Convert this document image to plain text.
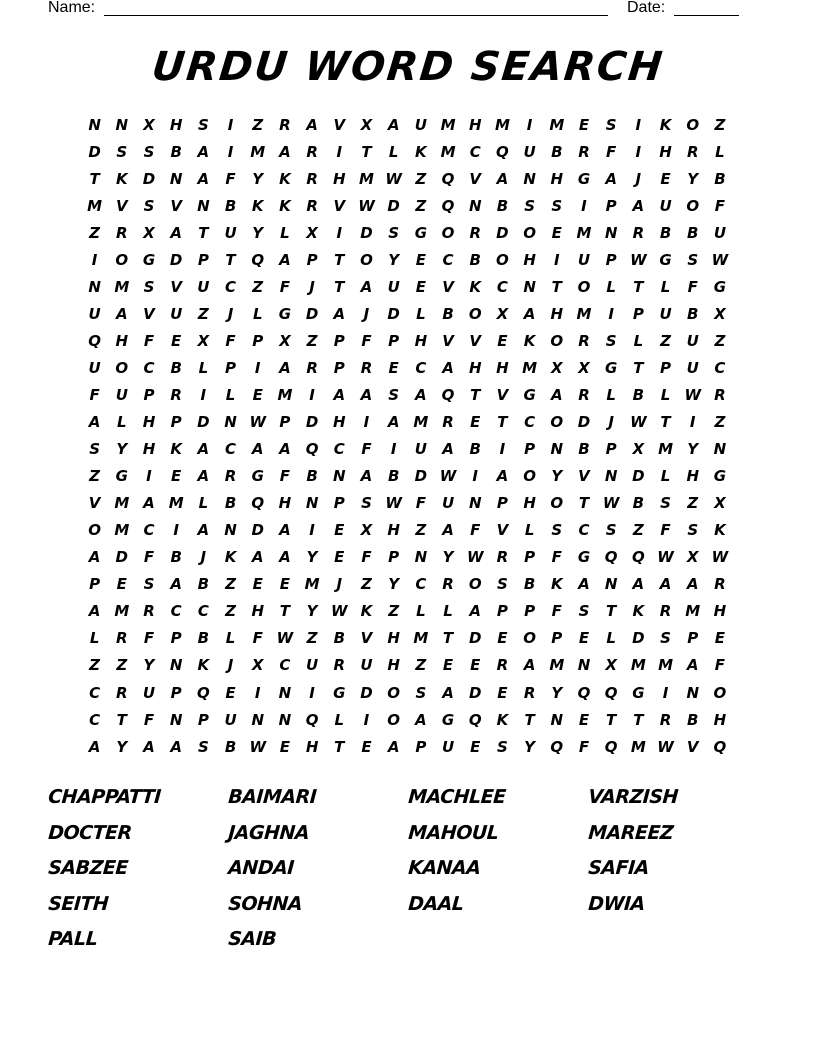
Name:	Date:
URDU WORD SEARCH
N N	X	H	S	I	Z	R	A	V	X	A	U M H M	I	M E	S	I	K O	Z
D	S	S	B	A	I	M A	R	I	T	L	K M C	Q U	B	R	F	I	H	R	L
T	K	D N	A	F	Y	K	R	H M W Z	Q	V	A	N H G	A	J	E	Y	B
M V	S	V	N	B	K	K	R	V W D	Z	Q N	B	S	S	I	P	A	U O	F
Z	R	X	A	T	U	Y	L	X	I	D	S	G O	R	D O	E M N	R	B	B	U
I	O G D	P	T	Q	A	P	T	O	Y	E	C	B	O H	I	U	P W G	S W
N M S	V	U	C	Z	F	J	T	A	U	E	V	K	C	N	T	O	L	T	L	F	G
U	A	V	U	Z	J	L	G D	A	J	D	L	B	O	X	A	H M	I	P	U	B	X
Q H	F	E	X	F	P	X	Z	P	F	P	H	V	V	E	K O	R	S	L	Z	U	Z
U O	C	B	L	P	I	A	R	P	R	E	C	A	H H M X	X	G	T	P	U	C
F	U	P	R	I	L	E M	I	A	A	S	A	Q	T	V	G	A	R	L	B	L W R
A	L	H	P	D N W P	D H	I	A M R	E	T	C	O D	J	W T	I	Z
S	Y	H	K	A	C	A	A	Q	C	F	I	U	A	B	I	P	N	B	P	X M Y	N
Z	G	I	E	A	R	G	F	B	N	A	B	D W	I	A	O	Y	V	N D	L	H G
V M A M L	B	Q H N	P	S W F	U N	P	H O	T W B	S	Z	X
O M C	I	A	N D	A	I	E	X	H	Z	A	F	V	L	S	C	S	Z	F	S	K
A	D	F	B	J	K	A	A	Y	E	F	P	N	Y W R	P	F	G Q Q W X W
P	E	S	A	B	Z	E	E M	J	Z	Y	C	R	O	S	B	K	A	N	A	A	A	R
A M R	C	C	Z	H	T	Y W K	Z	L	L	A	P	P	F	S	T	K	R M H
L	R	F	P	B	L	F W Z	B	V	H M T	D	E	O	P	E	L	D	S	P	E
Z	Z	Y	N	K	J	X	C	U	R	U H	Z	E	E	R	A M N	X M M A	F
C	R	U	P	Q	E	I	N	I	G D O	S	A	D	E	R	Y	Q Q G	I	N O
C	T	F	N	P	U N N Q	L	I	O	A	G Q	K	T	N	E	T	T	R	B	H
A	Y	A	A	S	B W E	H	T	E	A	P	U	E	S	Y	Q	F	Q M W V	Q
CHAPPATTI	BAIMARI	MACHLEE	VARZISH
DOCTER	JAGHNA	MAHOUL	MAREEZ
SABZEE	ANDAI	KANAA	SAFIA
SEITH	SOHNA	DAAL	DWIA
PALL	SAIB
